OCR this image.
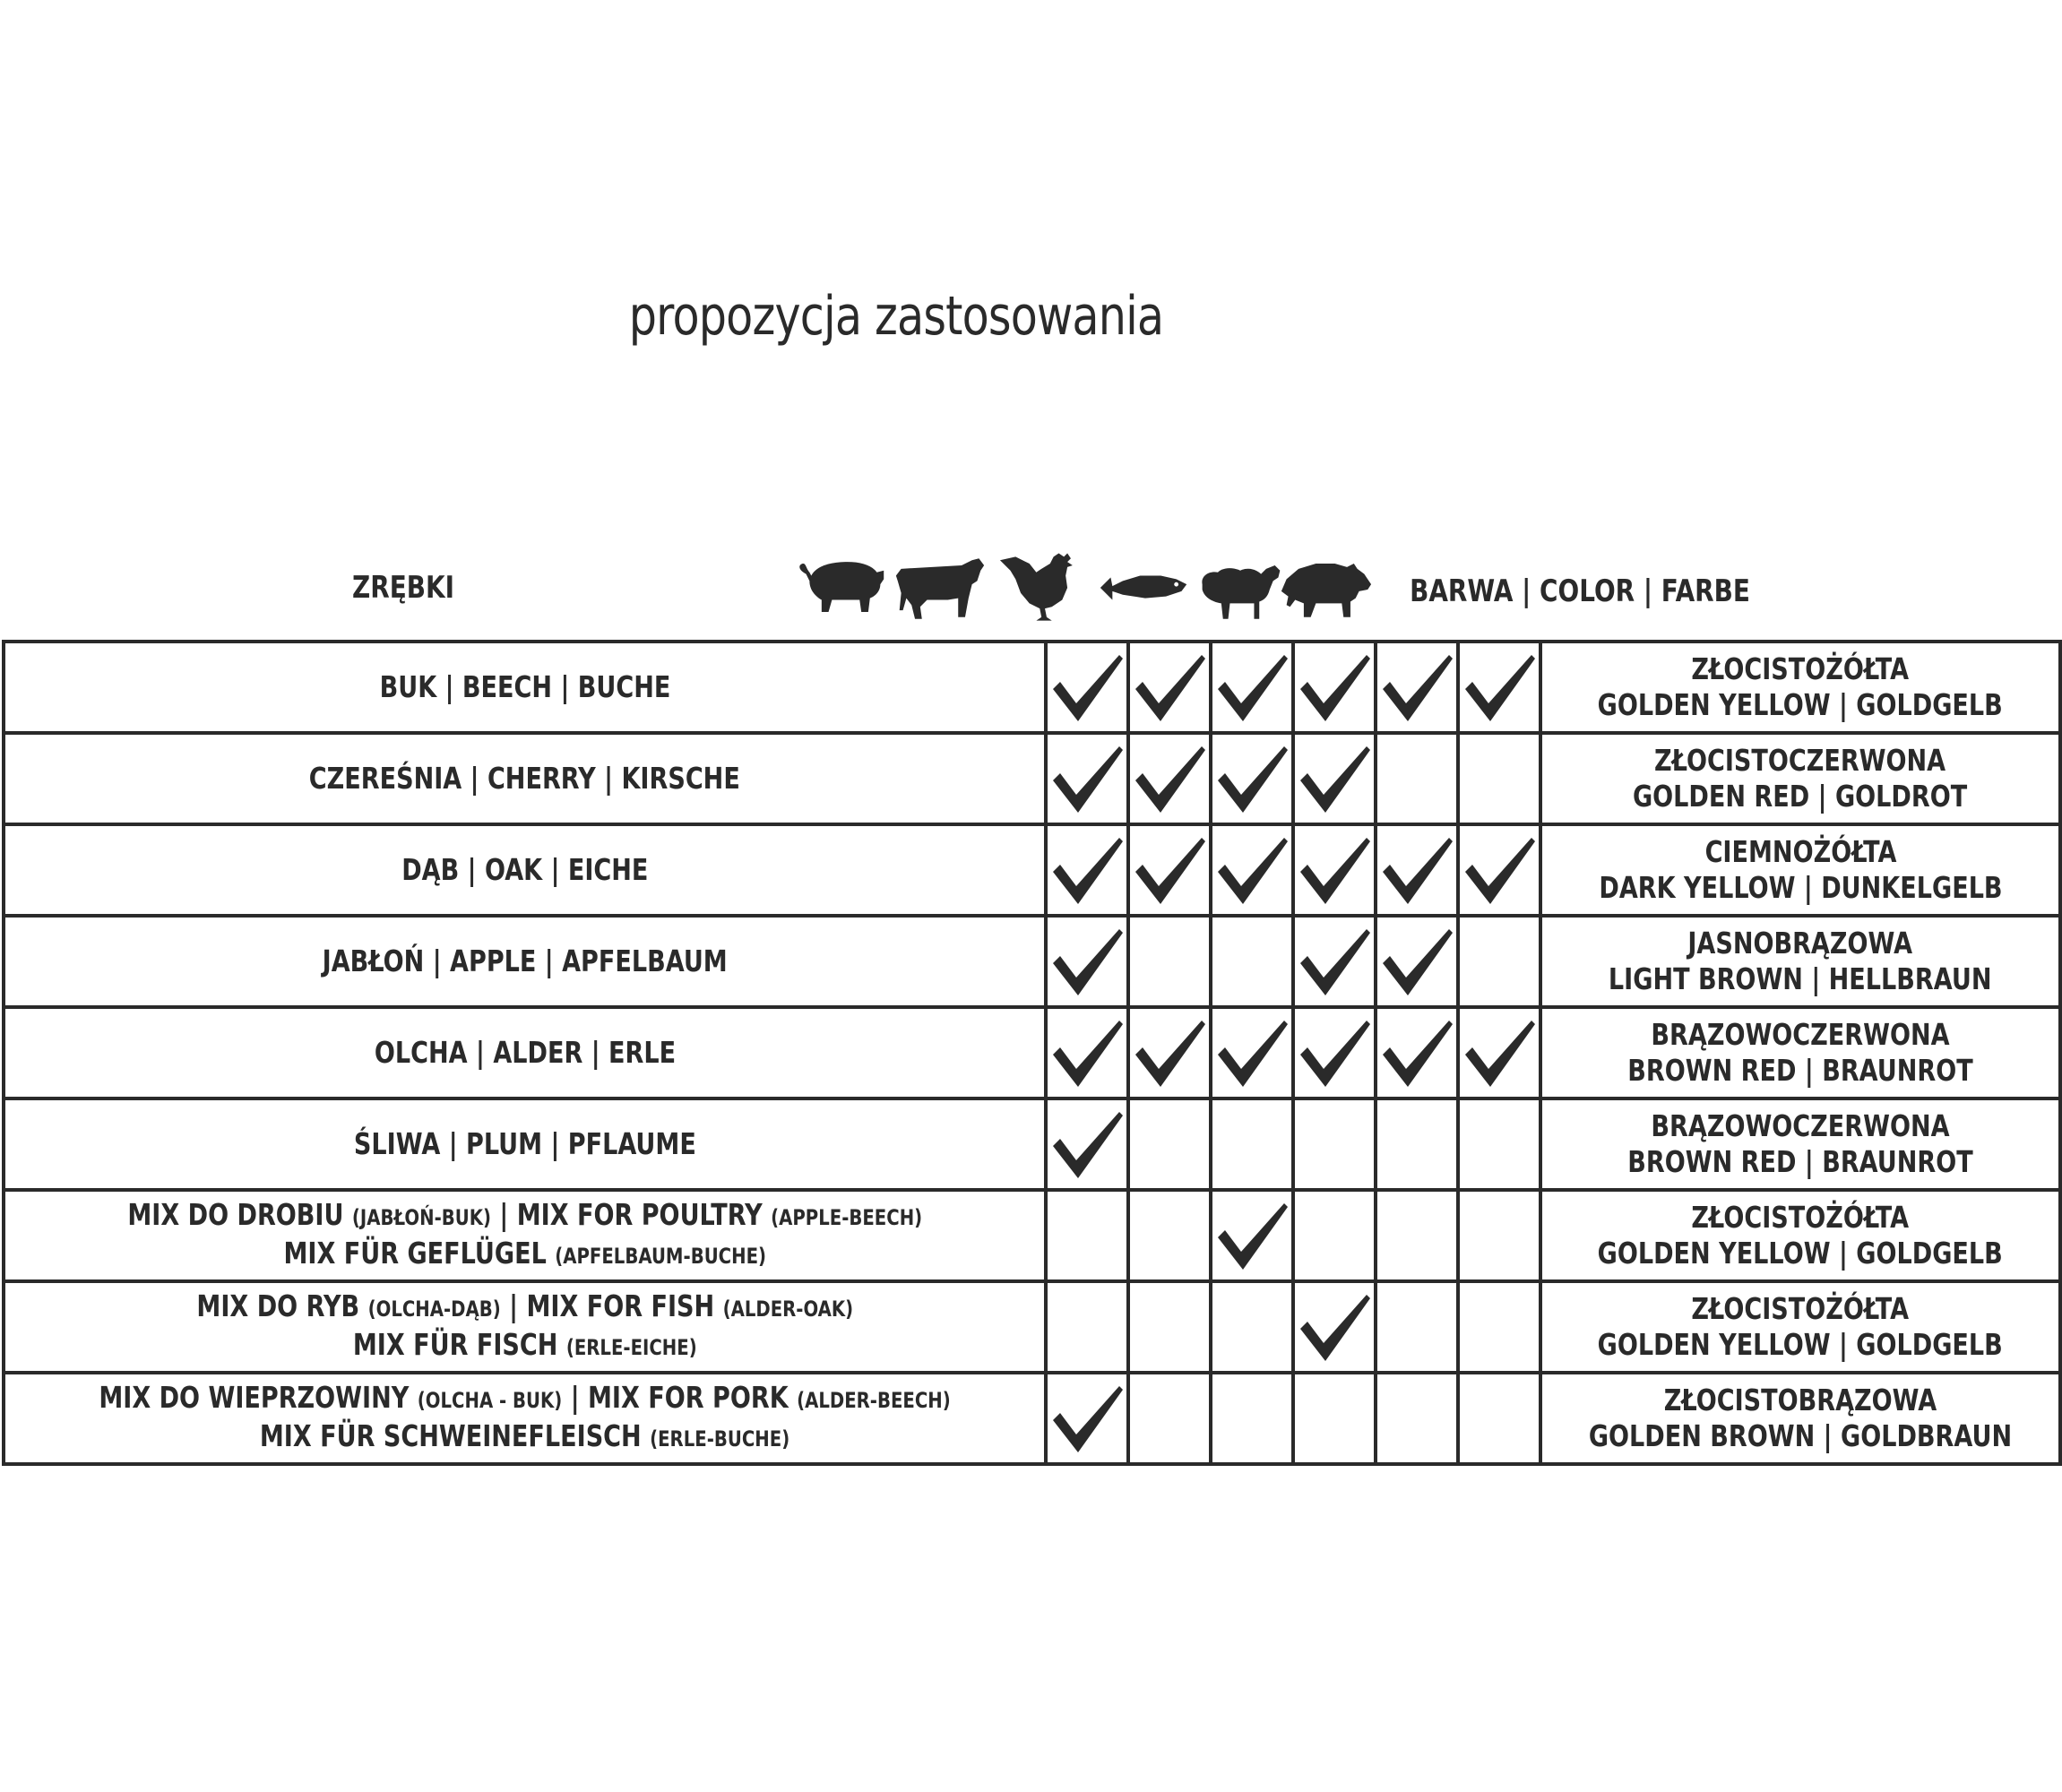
propozycja zastosowania
ZRĘBKI	BARWA | COLOR | FARBE
BUK | BEECH | BUCHE							ZŁOCISTOŻÓŁTA
GOLDEN YELLOW | GOLDGELB

CZEREŚNIA | CHERRY | KIRSCHE							ZŁOCISTOCZERWONA
GOLDEN RED | GOLDROT

DĄB | OAK | EICHE							CIEMNOŻÓŁTA
DARK YELLOW | DUNKELGELB

JABŁOŃ | APPLE | APFELBAUM							JASNOBRĄZOWA
LIGHT BROWN | HELLBRAUN

OLCHA | ALDER | ERLE							BRĄZOWOCZERWONA
BROWN RED | BRAUNROT

ŚLIWA | PLUM | PFLAUME							BRĄZOWOCZERWONA
BROWN RED | BRAUNROT

MIX DO DROBIU (JABŁOŃ-BUK) | MIX FOR POULTRY (APPLE-BEECH)
MIX FÜR GEFLÜGEL (APFELBAUM-BUCHE)							ZŁOCISTOŻÓŁTA
GOLDEN YELLOW | GOLDGELB

MIX DO RYB (OLCHA-DĄB) | MIX FOR FISH (ALDER-OAK)
MIX FÜR FISCH (ERLE-EICHE)							ZŁOCISTOŻÓŁTA
GOLDEN YELLOW | GOLDGELB

MIX DO WIEPRZOWINY (OLCHA - BUK) | MIX FOR PORK (ALDER-BEECH)
MIX FÜR SCHWEINEFLEISCH (ERLE-BUCHE)							ZŁOCISTOBRĄZOWA
GOLDEN BROWN | GOLDBRAUN
